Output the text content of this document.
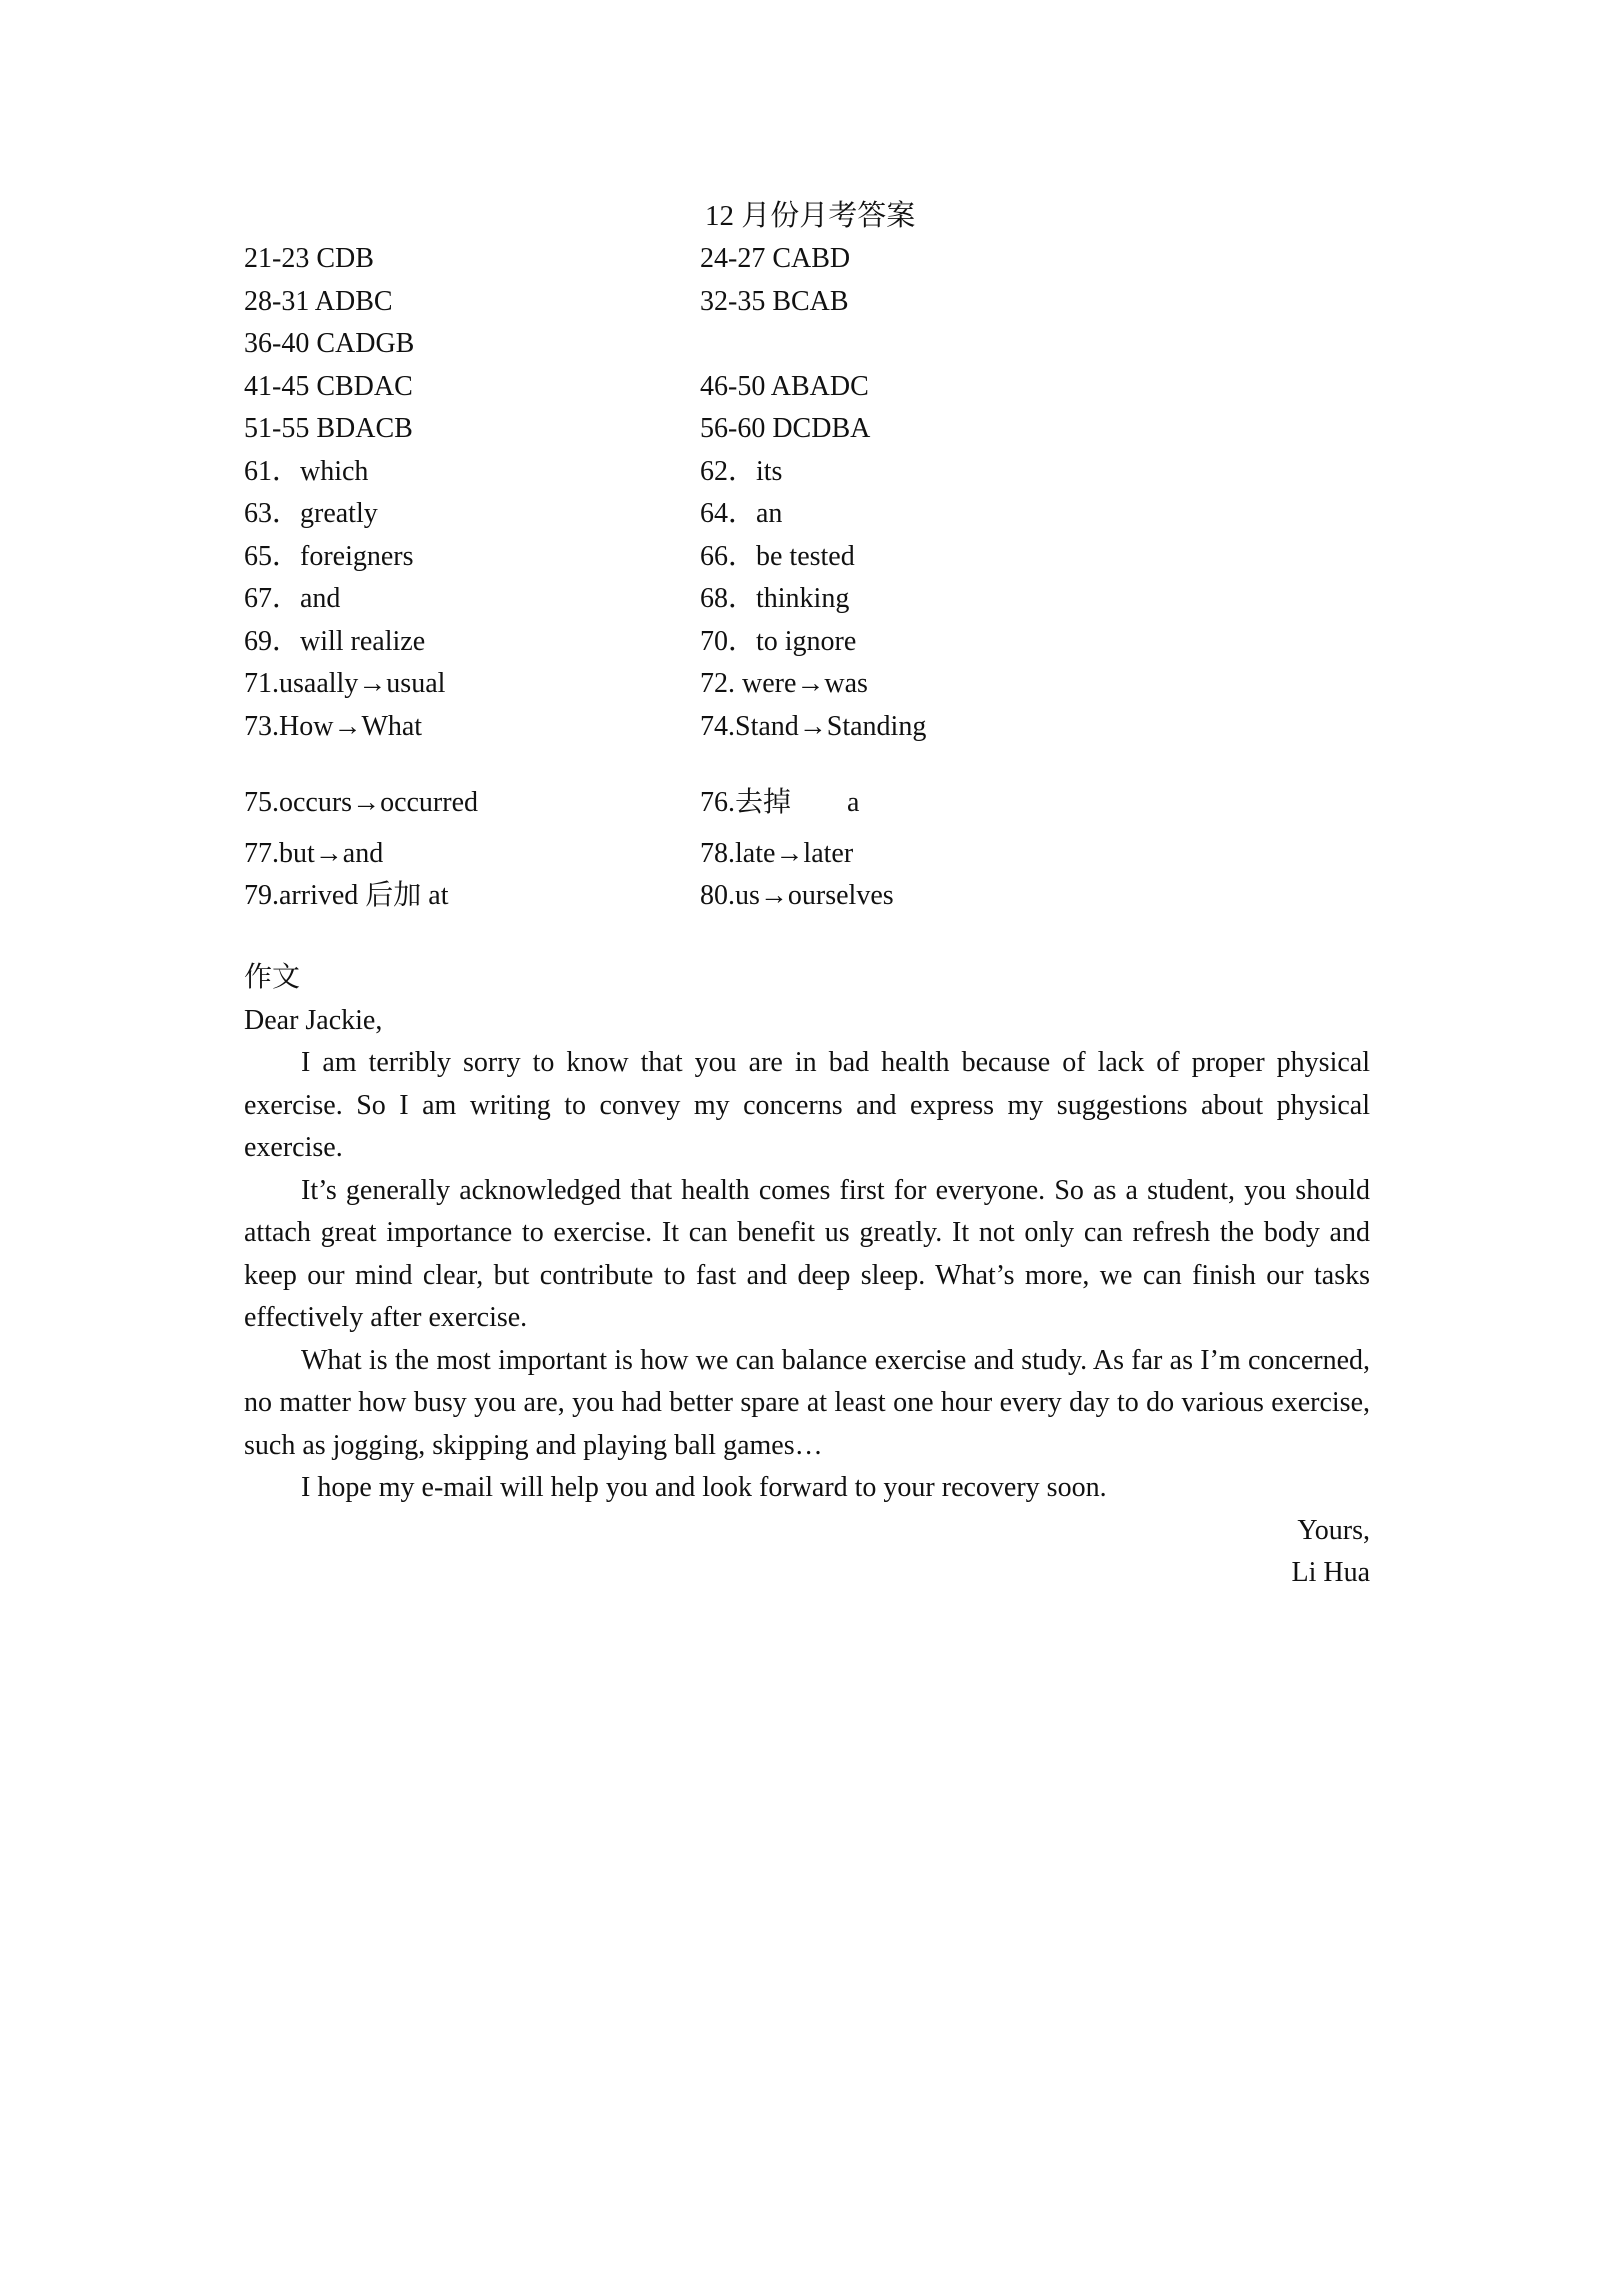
12 月份月考答案
21-23 CDB	24-27 CABD
28-31 ADBC	32-35 BCAB
36-40 CADGB
41-45 CBDAC	46-50 ABADC
51-55 BDACB	56-60 DCDBA
61．which	62．its
63．greatly	64．an
65．foreigners	66．be tested
67．and	68．thinking
69．will realize	70．to ignore
71.usaally→usual	72. were→was
73.How→What	74.Stand→Standing
75.occurs→occurred	76.去掉　　a
77.but→and	78.late→later
79.arrived 后加 at	80.us→ourselves
作文
Dear Jackie,

I am terribly sorry to know that you are in bad health because of lack of proper physical exercise. So I am writing to convey my concerns and express my suggestions about physical exercise.

It’s generally acknowledged that health comes first for everyone. So as a student, you should attach great importance to exercise. It can benefit us greatly. It not only can refresh the body and keep our mind clear, but contribute to fast and deep sleep. What’s more, we can finish our tasks effectively after exercise.

What is the most important is how we can balance exercise and study. As far as I’m concerned, no matter how busy you are, you had better spare at least one hour every day to do various exercise, such as jogging, skipping and playing ball games…

I hope my e-mail will help you and look forward to your recovery soon.

Yours,
Li Hua
